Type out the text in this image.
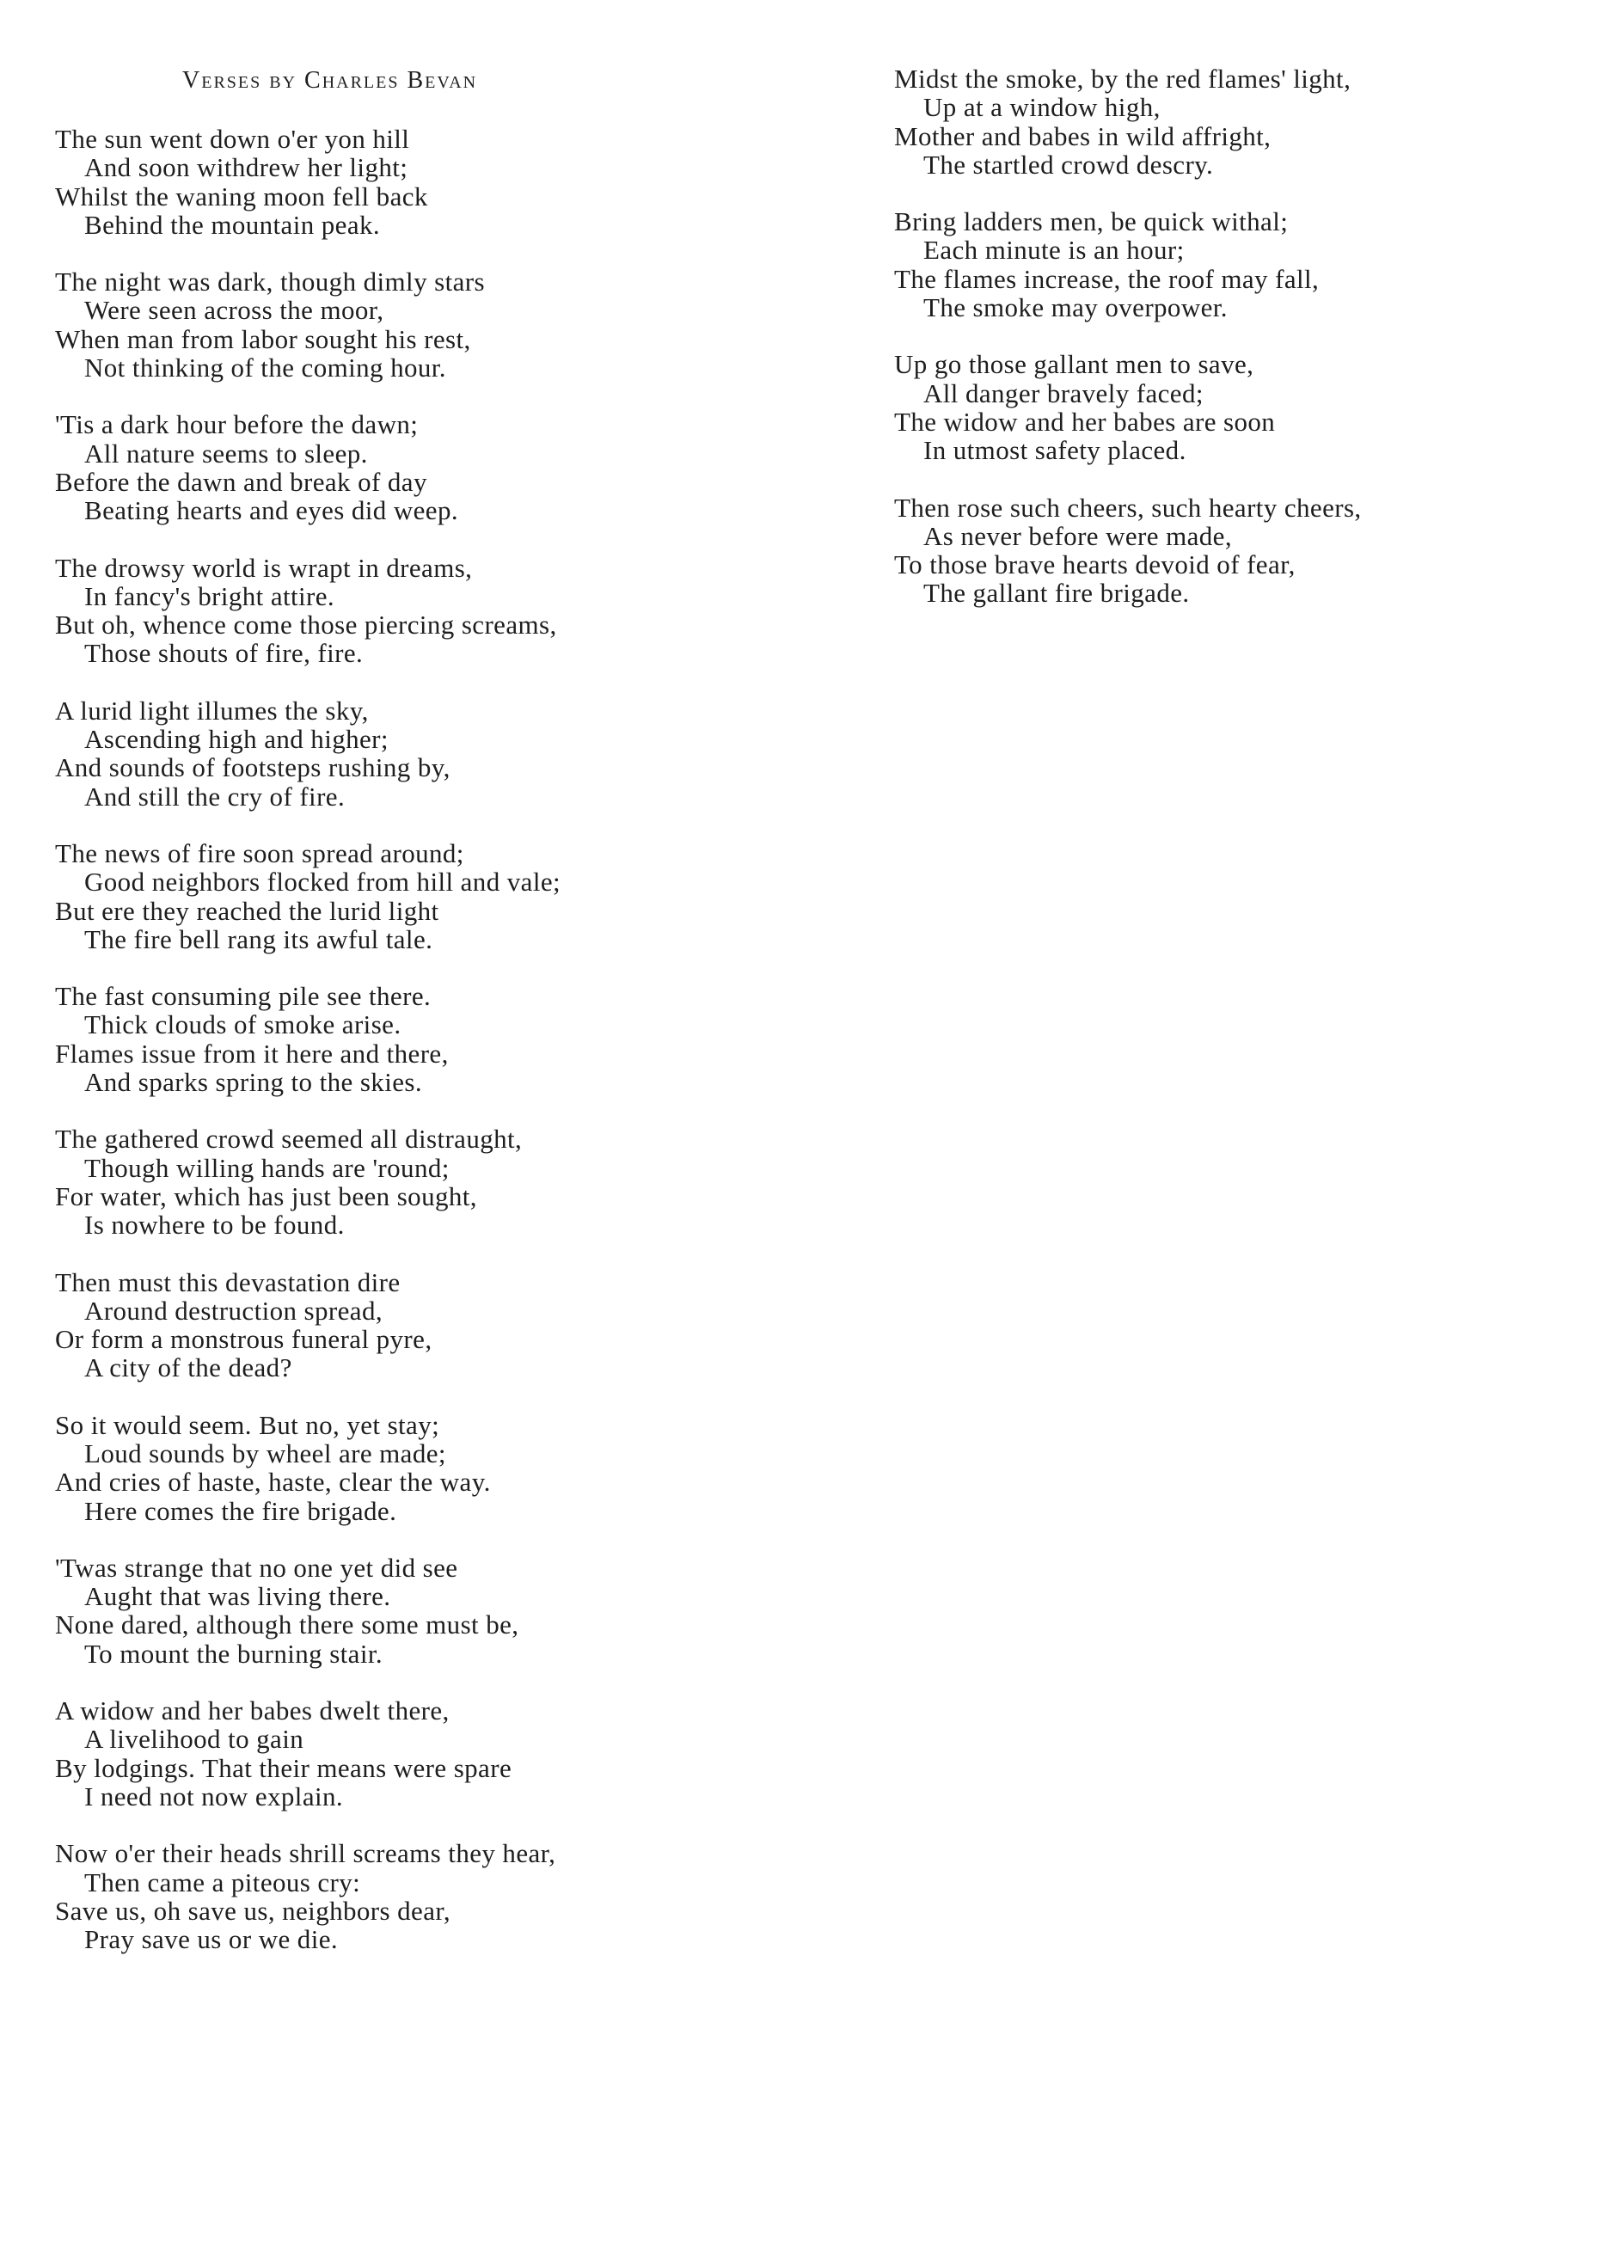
Verses by Charles Bevan
The sun went down o'er yon hill
And soon withdrew her light;
Whilst the waning moon fell back
Behind the mountain peak.
The night was dark, though dimly stars
Were seen across the moor,
When man from labor sought his rest,
Not thinking of the coming hour.
'Tis a dark hour before the dawn;
All nature seems to sleep.
Before the dawn and break of day
Beating hearts and eyes did weep.
The drowsy world is wrapt in dreams,
In fancy's bright attire.
But oh, whence come those piercing screams,
Those shouts of fire, fire.
A lurid light illumes the sky,
Ascending high and higher;
And sounds of footsteps rushing by,
And still the cry of fire.
The news of fire soon spread around;
Good neighbors flocked from hill and vale;
But ere they reached the lurid light
The fire bell rang its awful tale.
The fast consuming pile see there.
Thick clouds of smoke arise.
Flames issue from it here and there,
And sparks spring to the skies.
The gathered crowd seemed all distraught,
Though willing hands are 'round;
For water, which has just been sought,
Is nowhere to be found.
Then must this devastation dire
Around destruction spread,
Or form a monstrous funeral pyre,
A city of the dead?
So it would seem. But no, yet stay;
Loud sounds by wheel are made;
And cries of haste, haste, clear the way.
Here comes the fire brigade.
'Twas strange that no one yet did see
Aught that was living there.
None dared, although there some must be,
To mount the burning stair.
A widow and her babes dwelt there,
A livelihood to gain
By lodgings. That their means were spare
I need not now explain.
Now o'er their heads shrill screams they hear,
Then came a piteous cry:
Save us, oh save us, neighbors dear,
Pray save us or we die.
Midst the smoke, by the red flames' light,
Up at a window high,
Mother and babes in wild affright,
The startled crowd descry.
Bring ladders men, be quick withal;
Each minute is an hour;
The flames increase, the roof may fall,
The smoke may overpower.
Up go those gallant men to save,
All danger bravely faced;
The widow and her babes are soon
In utmost safety placed.
Then rose such cheers, such hearty cheers,
As never before were made,
To those brave hearts devoid of fear,
The gallant fire brigade.
